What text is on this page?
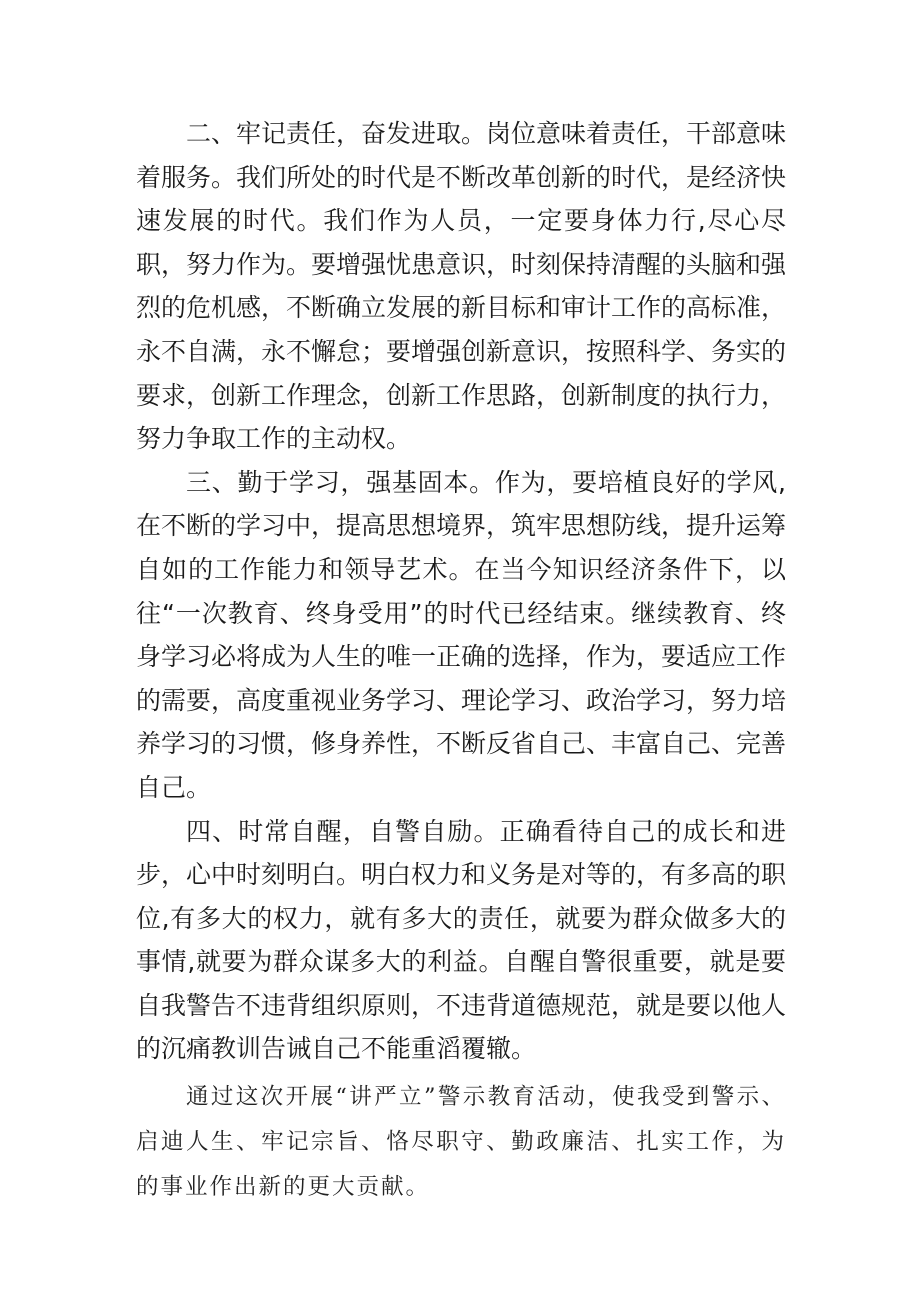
二、牢记责任，奋发进取。岗位意味着责任，干部意味着服务。我们所处的时代是不断改革创新的时代，是经济快速发展的时代。我们作为人员，一定要身体力行,尽心尽职，努力作为。要增强忧患意识，时刻保持清醒的头脑和强烈的危机感，不断确立发展的新目标和审计工作的高标准，永不自满，永不懈怠；要增强创新意识，按照科学、务实的要求，创新工作理念，创新工作思路，创新制度的执行力，努力争取工作的主动权。

三、勤于学习，强基固本。作为，要培植良好的学风,在不断的学习中，提高思想境界，筑牢思想防线，提升运筹自如的工作能力和领导艺术。在当今知识经济条件下，以往“一次教育、终身受用”的时代已经结束。继续教育、终身学习必将成为人生的唯一正确的选择，作为，要适应工作的需要，高度重视业务学习、理论学习、政治学习，努力培养学习的习惯，修身养性，不断反省自己、丰富自己、完善自己。

四、时常自醒，自警自励。正确看待自己的成长和进步，心中时刻明白。明白权力和义务是对等的，有多高的职位,有多大的权力，就有多大的责任，就要为群众做多大的事情,就要为群众谋多大的利益。自醒自警很重要，就是要自我警告不违背组织原则，不违背道德规范，就是要以他人的沉痛教训告诫自己不能重滔覆辙。

通过这次开展“讲严立”警示教育活动，使我受到警示、启迪人生、牢记宗旨、恪尽职守、勤政廉洁、扎实工作，为的事业作出新的更大贡献。
